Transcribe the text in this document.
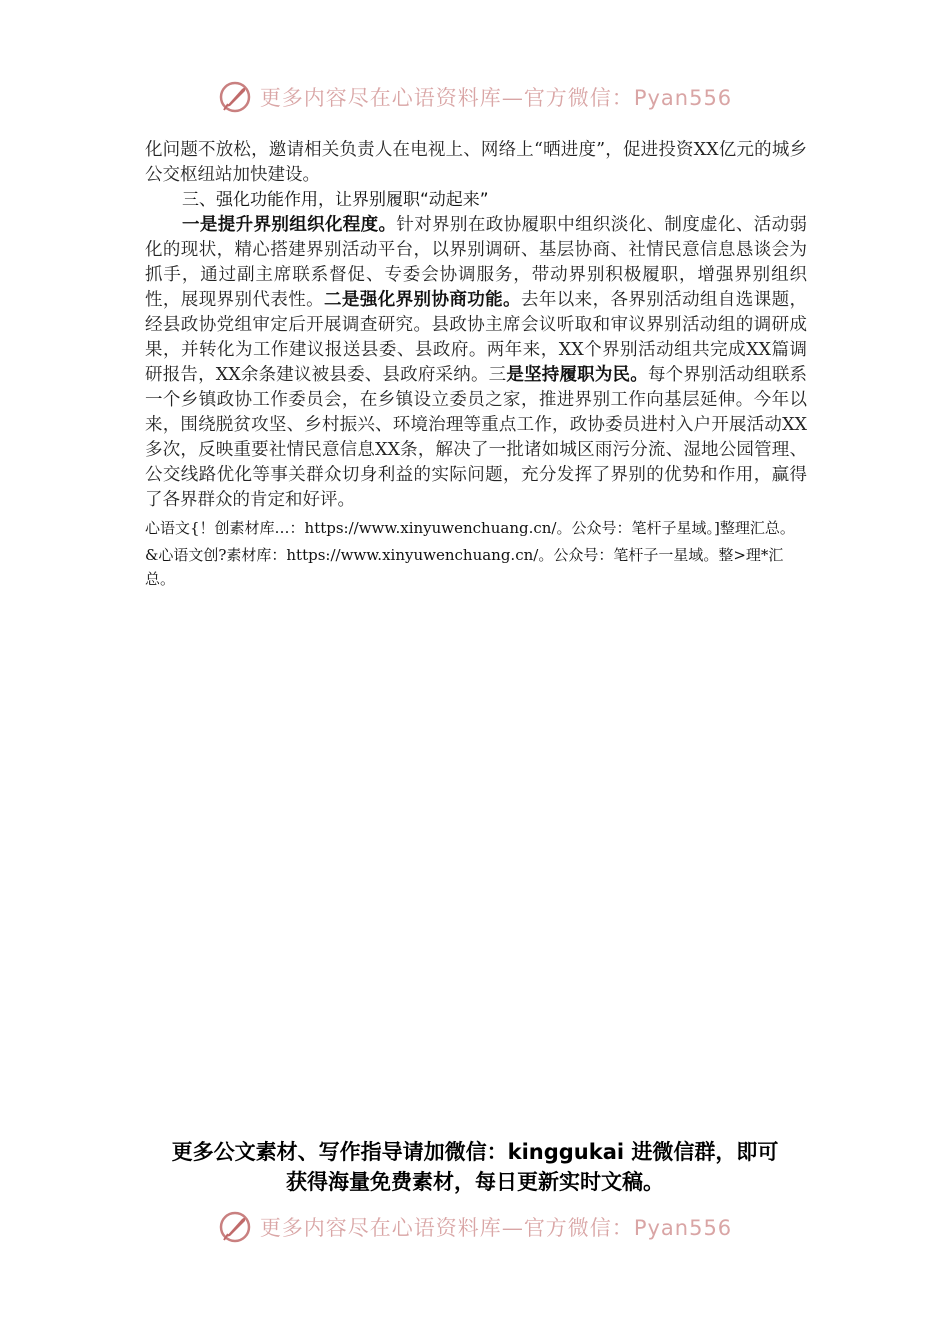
更多内容尽在心语资料库—官方微信：Pyan556

化问题不放松，邀请相关负责人在电视上、网络上“晒进度”，促进投资XX亿元的城乡公交枢纽站加快建设。

三、强化功能作用，让界别履职“动起来”

一是提升界别组织化程度。针对界别在政协履职中组织淡化、制度虚化、活动弱化的现状，精心搭建界别活动平台，以界别调研、基层协商、社情民意信息恳谈会为抓手，通过副主席联系督促、专委会协调服务，带动界别积极履职，增强界别组织性，展现界别代表性。二是强化界别协商功能。去年以来，各界别活动组自选课题，经县政协党组审定后开展调查研究。县政协主席会议听取和审议界别活动组的调研成果，并转化为工作建议报送县委、县政府。两年来，XX个界别活动组共完成XX篇调研报告，XX余条建议被县委、县政府采纳。三是坚持履职为民。每个界别活动组联系一个乡镇政协工作委员会，在乡镇设立委员之家，推进界别工作向基层延伸。今年以来，围绕脱贫攻坚、乡村振兴、环境治理等重点工作，政协委员进村入户开展活动XX多次，反映重要社情民意信息XX条，解决了一批诸如城区雨污分流、湿地公园管理、公交线路优化等事关群众切身利益的实际问题，充分发挥了界别的优势和作用，赢得了各界群众的肯定和好评。

心语文{！创素材库…：https://www.xinyuwenchuang.cn/。公众号：笔杆子星域。]整理汇总。

&心语文创?素材库：https://www.xinyuwenchuang.cn/。公众号：笔杆子一星域。整>理*汇总。

更多公文素材、写作指导请加微信：kinggukai 进微信群，即可
获得海量免费素材，每日更新实时文稿。
更多内容尽在心语资料库—官方微信：Pyan556
